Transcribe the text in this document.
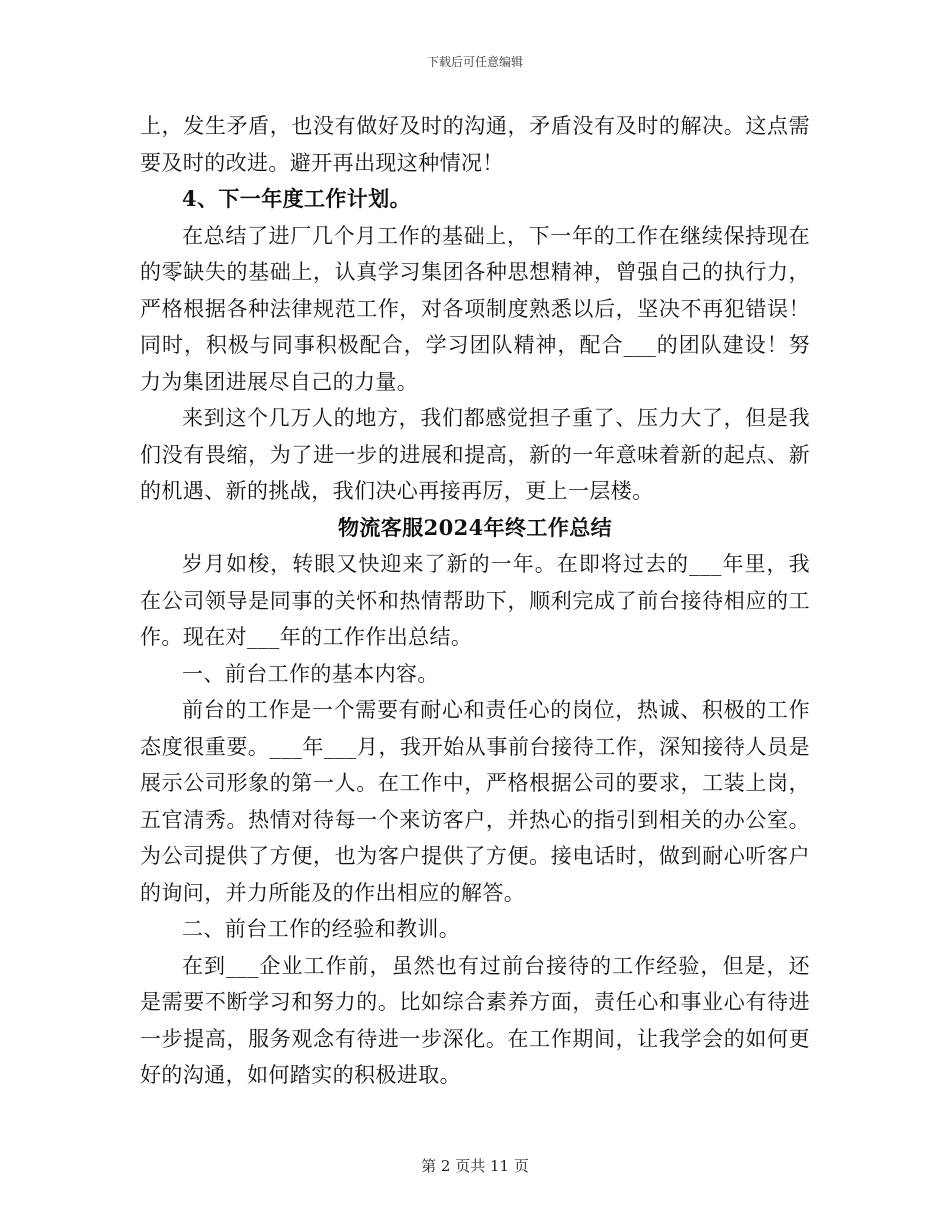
下载后可任意编辑

上，发生矛盾，也没有做好及时的沟通，矛盾没有及时的解决。这点需要及时的改进。避开再出现这种情况！

4、下一年度工作计划。

在总结了进厂几个月工作的基础上，下一年的工作在继续保持现在的零缺失的基础上，认真学习集团各种思想精神，曾强自己的执行力，严格根据各种法律规范工作，对各项制度熟悉以后，坚决不再犯错误！同时，积极与同事积极配合，学习团队精神，配合___的团队建设！努力为集团进展尽自己的力量。

来到这个几万人的地方，我们都感觉担子重了、压力大了，但是我们没有畏缩，为了进一步的进展和提高，新的一年意味着新的起点、新的机遇、新的挑战，我们决心再接再厉，更上一层楼。

物流客服2024年终工作总结

岁月如梭，转眼又快迎来了新的一年。在即将过去的___年里，我在公司领导是同事的关怀和热情帮助下，顺利完成了前台接待相应的工作。现在对___年的工作作出总结。

一、前台工作的基本内容。

前台的工作是一个需要有耐心和责任心的岗位，热诚、积极的工作态度很重要。___年___月，我开始从事前台接待工作，深知接待人员是展示公司形象的第一人。在工作中，严格根据公司的要求，工装上岗，五官清秀。热情对待每一个来访客户，并热心的指引到相关的办公室。为公司提供了方便，也为客户提供了方便。接电话时，做到耐心听客户的询问，并力所能及的作出相应的解答。

二、前台工作的经验和教训。

在到___企业工作前，虽然也有过前台接待的工作经验，但是，还是需要不断学习和努力的。比如综合素养方面，责任心和事业心有待进一步提高，服务观念有待进一步深化。在工作期间，让我学会的如何更好的沟通，如何踏实的积极进取。

第 2 页共 11 页
